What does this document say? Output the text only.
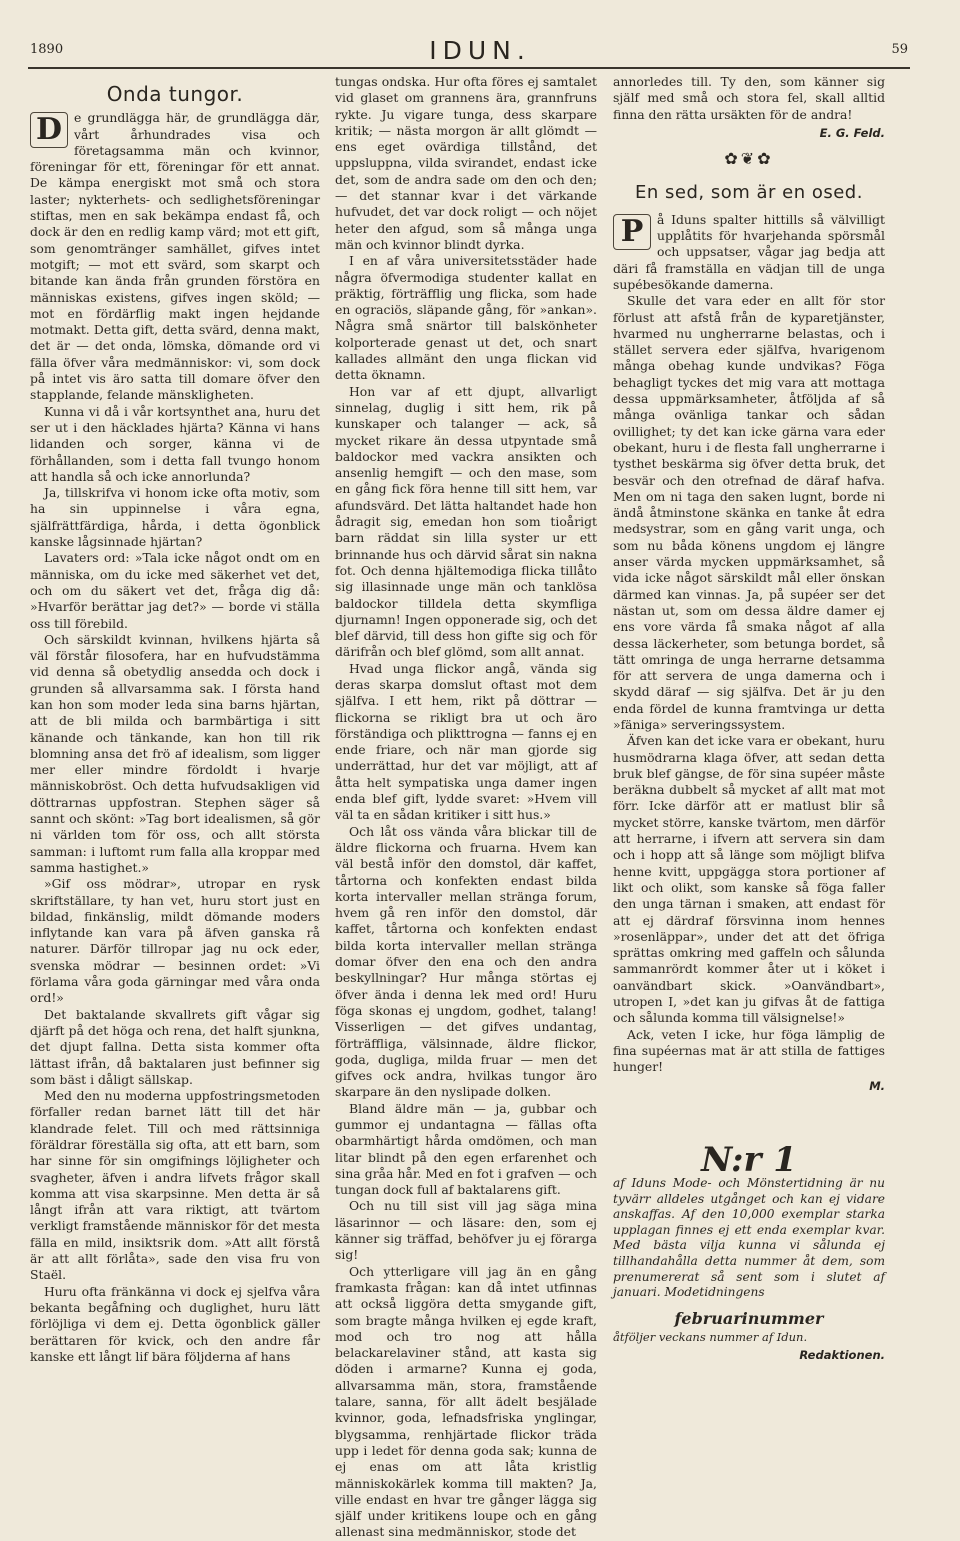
1890	IDUN.	59
Onda tungor.
D e grundlägga här, de grundlägga där, vårt århundrades visa och företagsamma män och kvinnor, föreningar för ett, föreningar för ett annat. De kämpa energiskt mot små och stora laster; nykterhets- och sedlighetsföreningar stiftas, men en sak bekämpa endast få, och dock är den en redlig kamp värd; mot ett gift, som genomtränger samhället, gifves intet motgift; — mot ett svärd, som skarpt och bitande kan ända från grunden förstöra en människas existens, gifves ingen sköld; — mot en fördärflig makt ingen hejdande motmakt. Detta gift, detta svärd, denna makt, det är — det onda, lömska, dömande ord vi fälla öfver våra medmänniskor: vi, som dock på intet vis äro satta till domare öfver den stapplande, felande mänskligheten.

Kunna vi då i vår kortsynthet ana, huru det ser ut i den häcklades hjärta? Känna vi hans lidanden och sorger, känna vi de förhållanden, som i detta fall tvungo honom att handla så och icke annorlunda?

Ja, tillskrifva vi honom icke ofta motiv, som ha sin uppinnelse i våra egna, själfrättfärdiga, hårda, i detta ögonblick kanske lågsinnade hjärtan?

Lavaters ord: »Tala icke något ondt om en människa, om du icke med säkerhet vet det, och om du säkert vet det, fråga dig då: »Hvarför berättar jag det?» — borde vi ställa oss till förebild.

Och särskildt kvinnan, hvilkens hjärta så väl förstår filosofera, har en hufvudstämma vid denna så obetydlig ansedda och dock i grunden så allvarsamma sak. I första hand kan hon som moder leda sina barns hjärtan, att de bli milda och barmbärtiga i sitt känande och tänkande, kan hon till rik blomning ansa det frö af idealism, som ligger mer eller mindre fördoldt i hvarje människobröst. Och detta hufvudsakligen vid döttrarnas uppfostran. Stephen säger så sannt och skönt: »Tag bort idealismen, så gör ni världen tom för oss, och allt största samman: i luftomt rum falla alla kroppar med samma hastighet.»

»Gif oss mödrar», utropar en rysk skriftställare, ty han vet, huru stort just en bildad, finkänslig, mildt dömande moders inflytande kan vara på äfven ganska rå naturer. Därför tillropar jag nu ock eder, svenska mödrar — besinnen ordet: »Vi förlama våra goda gärningar med våra onda ord!»

Det baktalande skvallrets gift vågar sig djärft på det höga och rena, det halft sjunkna, det djupt fallna. Detta sista kommer ofta lättast ifrån, då baktalaren just befinner sig som bäst i dåligt sällskap.

Med den nu moderna uppfostringsmetoden förfaller redan barnet lätt till det här klandrade felet. Till och med rättsinniga föräldrar föreställa sig ofta, att ett barn, som har sinne för sin omgifnings löjligheter och svagheter, äfven i andra lifvets frågor skall komma att visa skarpsinne. Men detta är så långt ifrån att vara riktigt, att tvärtom verkligt framstående människor för det mesta fälla en mild, insiktsrik dom. »Att allt förstå är att allt förlåta», sade den visa fru von Staël.

Huru ofta fränkänna vi dock ej sjelfva våra bekanta begåfning och duglighet, huru lätt förlöjliga vi dem ej. Detta ögonblick gäller berättaren för kvick, och den andre får kanske ett långt lif bära följderna af hans

tungas ondska. Hur ofta föres ej samtalet vid glaset om grannens ära, grannfruns rykte. Ju vigare tunga, dess skarpare kritik; — nästa morgon är allt glömdt — ens eget ovärdiga tillstånd, det uppsluppna, vilda svirandet, endast icke det, som de andra sade om den och den; — det stannar kvar i det värkande hufvudet, det var dock roligt — och nöjet heter den afgud, som så många unga män och kvinnor blindt dyrka.

I en af våra universitetsstäder hade några öfvermodiga studenter kallat en präktig, förträfflig ung flicka, som hade en ograciös, släpande gång, för »ankan». Några små snärtor till balskönheter kolporterade genast ut det, och snart kallades allmänt den unga flickan vid detta öknamn.

Hon var af ett djupt, allvarligt sinnelag, duglig i sitt hem, rik på kunskaper och talanger — ack, så mycket rikare än dessa utpyntade små baldockor med vackra ansikten och ansenlig hemgift — och den mase, som en gång fick föra henne till sitt hem, var afundsvärd. Det lätta haltandet hade hon ådragit sig, emedan hon som tioårigt barn räddat sin lilla syster ur ett brinnande hus och därvid sårat sin nakna fot. Och denna hjältemodiga flicka tillåto sig illasinnade unge män och tanklösa baldockor tilldela detta skymfliga djurnamn! Ingen opponerade sig, och det blef därvid, till dess hon gifte sig och för därifrån och blef glömd, som allt annat.

Hvad unga flickor angå, vända sig deras skarpa domslut oftast mot dem själfva. I ett hem, rikt på döttrar — flickorna se rikligt bra ut och äro förständiga och plikttrogna — fanns ej en ende friare, och när man gjorde sig underrättad, hur det var möjligt, att af åtta helt sympatiska unga damer ingen enda blef gift, lydde svaret: »Hvem vill väl ta en sådan kritiker i sitt hus.»

Och låt oss vända våra blickar till de äldre flickorna och fruarna. Hvem kan väl bestå inför den domstol, där kaffet, tårtorna och konfekten endast bilda korta intervaller mellan stränga forum, hvem gå ren inför den domstol, där kaffet, tårtorna och konfekten endast bilda korta intervaller mellan stränga domar öfver den ena och den andra beskyllningar? Hur många störtas ej öfver ända i denna lek med ord! Huru föga skonas ej ungdom, godhet, talang! Visserligen — det gifves undantag, förträffliga, välsinnade, äldre flickor, goda, dugliga, milda fruar — men det gifves ock andra, hvilkas tungor äro skarpare än den nyslipade dolken.

Bland äldre män — ja, gubbar och gummor ej undantagna — fällas ofta obarmhärtigt hårda omdömen, och man litar blindt på den egen erfarenhet och sina gråa hår. Med en fot i grafven — och tungan dock full af baktalarens gift.

Och nu till sist vill jag säga mina läsarinnor — och läsare: den, som ej känner sig träffad, behöfver ju ej förarga sig!

Och ytterligare vill jag än en gång framkasta frågan: kan då intet utfinnas att också liggöra detta smygande gift, som bragte många hvilken ej egde kraft, mod och tro nog att hålla belackarelaviner stånd, att kasta sig döden i armarne? Kunna ej goda, allvarsamma män, stora, framstående talare, sanna, för allt ädelt besjälade kvinnor, goda, lefnadsfriska ynglingar, blygsamma, renhjärtade flickor träda upp i ledet för denna goda sak; kunna de ej enas om att låta kristlig människokärlek komma till makten? Ja, ville endast en hvar tre gånger lägga sig själf under kritikens loupe och en gång allenast sina medmänniskor, stode det

annorledes till. Ty den, som känner sig själf med små och stora fel, skall alltid finna den rätta ursäkten för de andra!

E. G. Feld.
✿❦✿
En sed, som är en osed.
P	å Iduns spalter hittills så välvilligt upplåtits för hvarjehanda spörsmål och uppsatser, vågar jag bedja att däri få framställa en vädjan till de unga supébesökande damerna.

Skulle det vara eder en allt för stor förlust att afstå från de kyparetjänster, hvarmed nu ungherrarne belastas, och i stället servera eder själfva, hvarigenom många obehag kunde undvikas? Föga behagligt tyckes det mig vara att mottaga dessa uppmärksamheter, åtföljda af så många ovänliga tankar och sådan ovillighet; ty det kan icke gärna vara eder obekant, huru i de flesta fall ungherrarne i tysthet beskärma sig öfver detta bruk, det besvär och den otrefnad de däraf hafva. Men om ni taga den saken lugnt, borde ni ändå åtminstone skänka en tanke åt edra medsystrar, som en gång varit unga, och som nu båda könens ungdom ej längre anser värda mycken uppmärksamhet, så vida icke något särskildt mål eller önskan därmed kan vinnas. Ja, på supéer ser det nästan ut, som om dessa äldre damer ej ens vore värda få smaka något af alla dessa läckerheter, som betunga bordet, så tätt omringa de unga herrarne detsamma för att servera de unga damerna och i skydd däraf — sig själfva. Det är ju den enda fördel de kunna framtvinga ur detta »fäniga» serveringssystem.

Äfven kan det icke vara er obekant, huru husmödrarna klaga öfver, att sedan detta bruk blef gängse, de för sina supéer måste beräkna dubbelt så mycket af allt mat mot förr. Icke därför att er matlust blir så mycket större, kanske tvärtom, men därför att herrarne, i ifvern att servera sin dam och i hopp att så länge som möjligt blifva henne kvitt, uppgägga stora portioner af likt och olikt, som kanske så föga faller den unga tärnan i smaken, att endast för att ej därdraf försvinna inom hennes »rosenläppar», under det att det öfriga sprättas omkring med gaffeln och sålunda sammanrördt kommer åter ut i köket i oanvändbart skick. »Oanvändbart», utropen I, »det kan ju gifvas åt de fattiga och sålunda komma till välsignelse!»

Ack, veten I icke, hur föga lämplig de fina supéernas mat är att stilla de fattiges hunger!

M.
N:r 1
af Iduns Mode- och Mönstertidning är nu tyvärr alldeles utgånget och kan ej vidare anskaffas. Af den 10,000 exemplar starka upplagan finnes ej ett enda exemplar kvar. Med bästa vilja kunna vi sålunda ej tillhandahålla detta nummer åt dem, som prenumererat så sent som i slutet af januari. Modetidningens
februarinummer
åtföljer veckans nummer af Idun.
Redaktionen.
